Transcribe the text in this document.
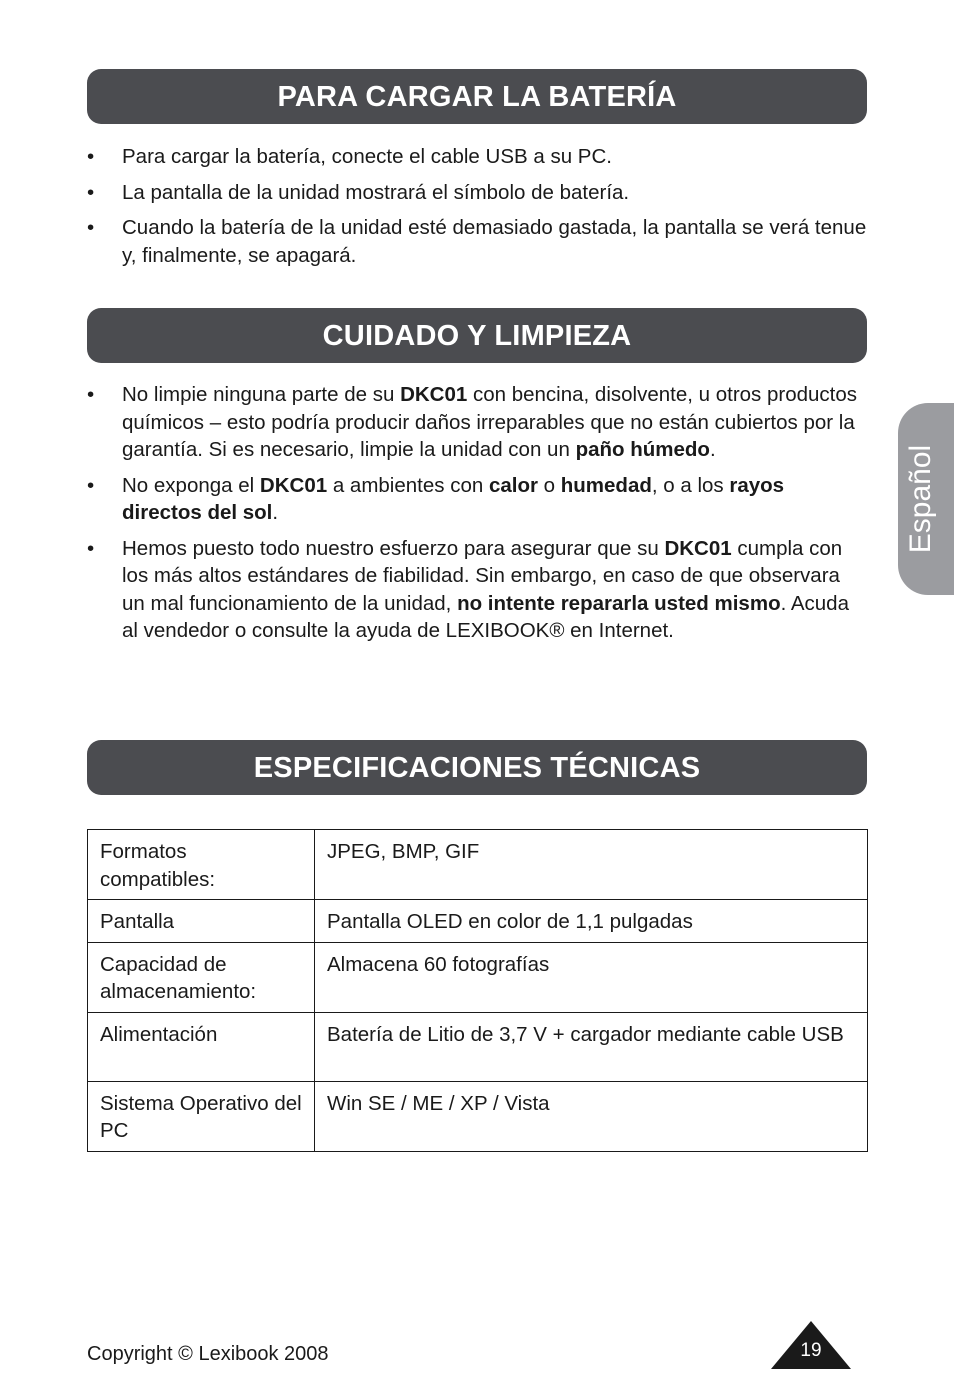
PARA CARGAR LA BATERÍA
• Para cargar la batería, conecte el cable USB a su PC.
• La pantalla de la unidad mostrará el símbolo de batería.
• Cuando la batería de la unidad esté demasiado gastada, la pantalla se verá tenue y, finalmente, se apagará.
CUIDADO Y LIMPIEZA
• No limpie ninguna parte de su DKC01 con bencina, disolvente, u otros productos químicos – esto podría producir daños irreparables que no están cubiertos por la garantía. Si es necesario, limpie la unidad con un paño húmedo.
• No exponga el DKC01 a ambientes con calor o humedad, o a los rayos directos del sol.
• Hemos puesto todo nuestro esfuerzo para asegurar que su DKC01 cumpla con los más altos estándares de fiabilidad. Sin embargo, en caso de que observara un mal funcionamiento de la unidad, no intente repararla usted mismo. Acuda al vendedor o consulte la ayuda de LEXIBOOK® en Internet.
ESPECIFICACIONES TÉCNICAS
Formatos compatibles:	JPEG, BMP, GIF
Pantalla	Pantalla OLED en color de 1,1 pulgadas
Capacidad de almacenamiento:	Almacena 60 fotografías
Alimentación	Batería de Litio de 3,7 V + cargador mediante cable USB
Sistema Operativo del PC	Win SE / ME / XP / Vista
Español
Copyright © Lexibook 2008	19
